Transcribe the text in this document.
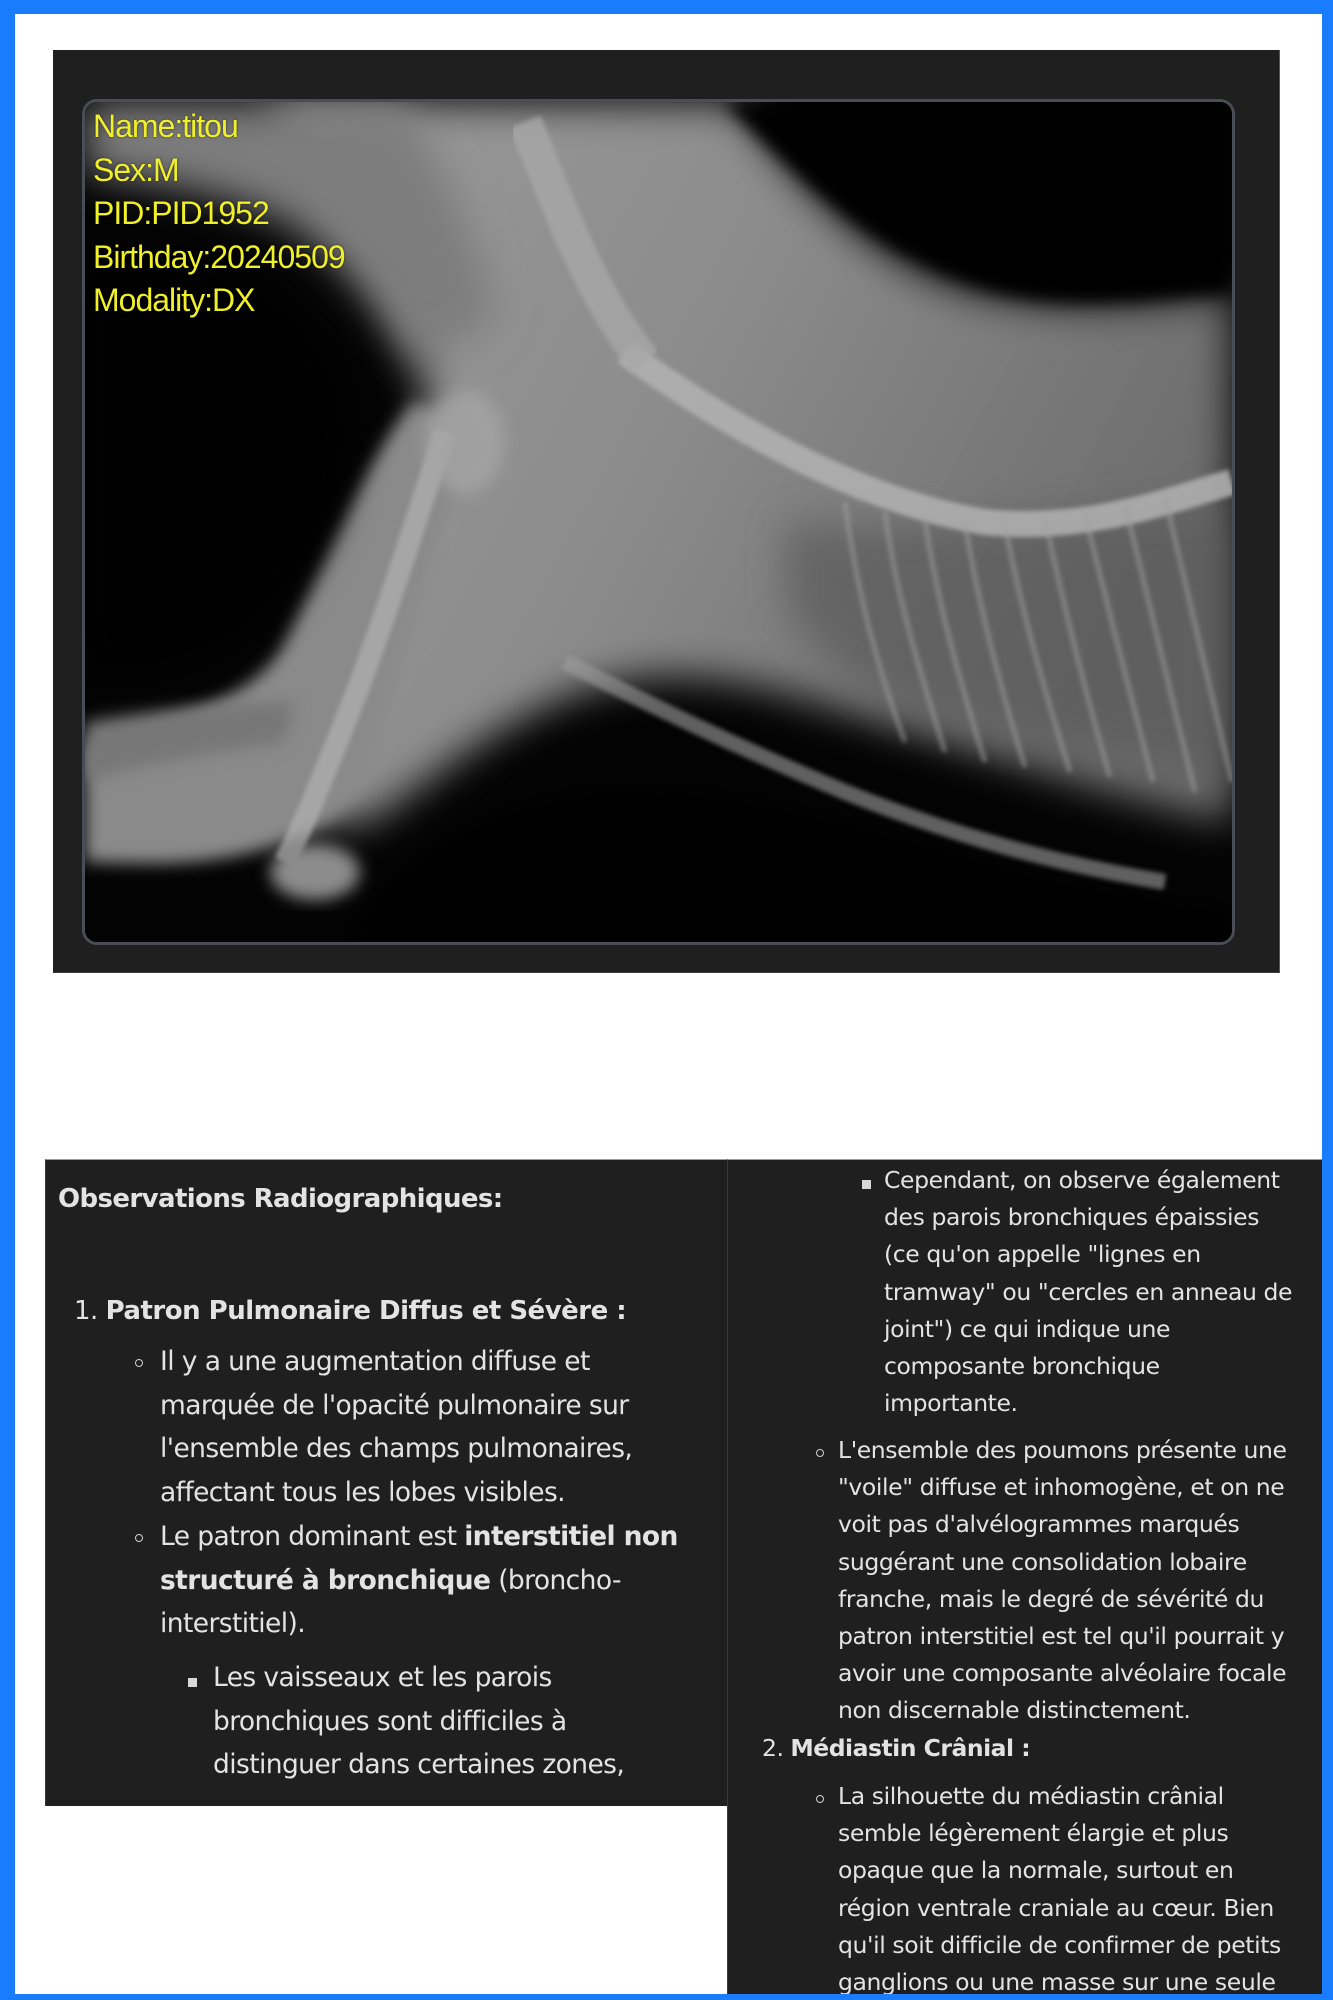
Name:titou
Sex:M
PID:PID1952
Birthday:20240509
Modality:DX
Observations Radiographiques:
1. Patron Pulmonaire Diffus et Sévère :
Il y a une augmentation diffuse et
marquée de l'opacité pulmonaire sur
l'ensemble des champs pulmonaires,
affectant tous les lobes visibles.
Le patron dominant est interstitiel non
structuré à bronchique (broncho-
interstitiel).
Les vaisseaux et les parois
bronchiques sont difficiles à
distinguer dans certaines zones,
Cependant, on observe également
des parois bronchiques épaissies
(ce qu'on appelle "lignes en
tramway" ou "cercles en anneau de
joint") ce qui indique une
composante bronchique
importante.
L'ensemble des poumons présente une
"voile" diffuse et inhomogène, et on ne
voit pas d'alvélogrammes marqués
suggérant une consolidation lobaire
franche, mais le degré de sévérité du
patron interstitiel est tel qu'il pourrait y
avoir une composante alvéolaire focale
non discernable distinctement.
2. Médiastin Crânial :
La silhouette du médiastin crânial
semble légèrement élargie et plus
opaque que la normale, surtout en
région ventrale craniale au cœur. Bien
qu'il soit difficile de confirmer de petits
ganglions ou une masse sur une seule
